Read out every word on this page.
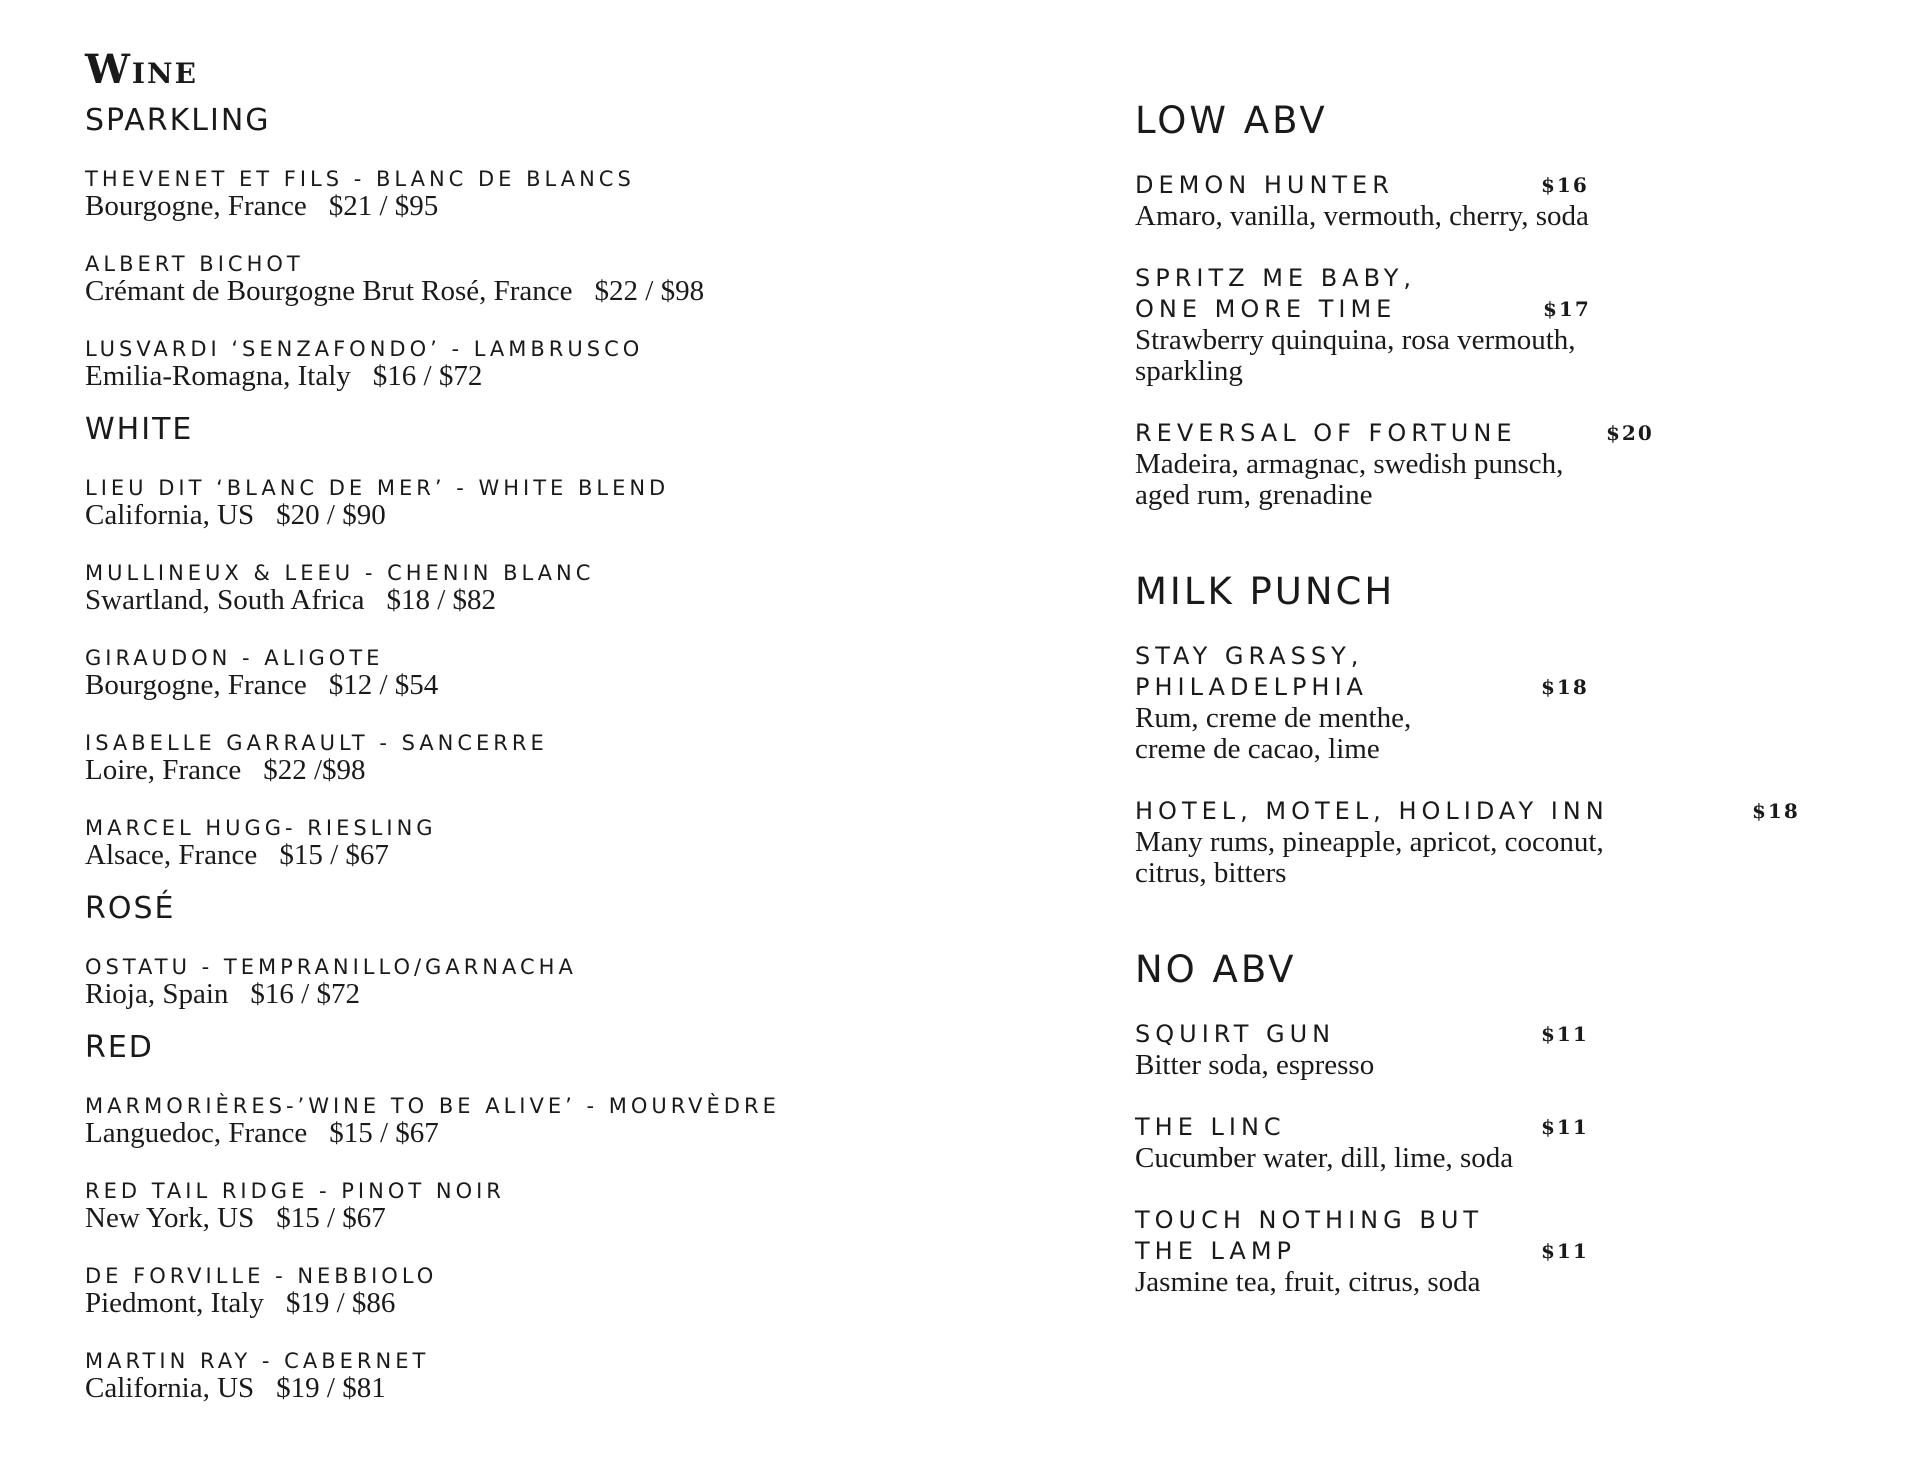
Wine
SPARKLING
THEVENET ET FILS - BLANC DE BLANCS
Bourgogne, France $21 / $95
ALBERT BICHOT
Crémant de Bourgogne Brut Rosé, France $22 / $98
LUSVARDI ‘SENZAFONDO’ - LAMBRUSCO
Emilia-Romagna, Italy $16 / $72
WHITE
LIEU DIT ‘BLANC DE MER’ - WHITE BLEND
California, US $20 / $90
MULLINEUX & LEEU - CHENIN BLANC
Swartland, South Africa $18 / $82
GIRAUDON - ALIGOTE
Bourgogne, France $12 / $54
ISABELLE GARRAULT - SANCERRE
Loire, France $22 /$98
MARCEL HUGG- RIESLING
Alsace, France $15 / $67
ROSÉ
OSTATU - TEMPRANILLO/GARNACHA
Rioja, Spain $16 / $72
RED
MARMORIÈRES-’WINE TO BE ALIVE’ - MOURVÈDRE
Languedoc, France $15 / $67
RED TAIL RIDGE - PINOT NOIR
New York, US $15 / $67
DE FORVILLE - NEBBIOLO
Piedmont, Italy $19 / $86
MARTIN RAY - CABERNET
California, US $19 / $81
LOW ABV
DEMON HUNTER	$16
Amaro, vanilla, vermouth, cherry, soda
SPRITZ ME BABY,
ONE MORE TIME	$17
Strawberry quinquina, rosa vermouth,
sparkling
REVERSAL OF FORTUNE	$20
Madeira, armagnac, swedish punsch,
aged rum, grenadine
MILK PUNCH
STAY GRASSY,
PHILADELPHIA	$18
Rum, creme de menthe,
creme de cacao, lime
HOTEL, MOTEL, HOLIDAY INN	$18
Many rums, pineapple, apricot, coconut,
citrus, bitters
NO ABV
SQUIRT GUN	$11
Bitter soda, espresso
THE LINC	$11
Cucumber water, dill, lime, soda
TOUCH NOTHING BUT
THE LAMP	$11
Jasmine tea, fruit, citrus, soda
